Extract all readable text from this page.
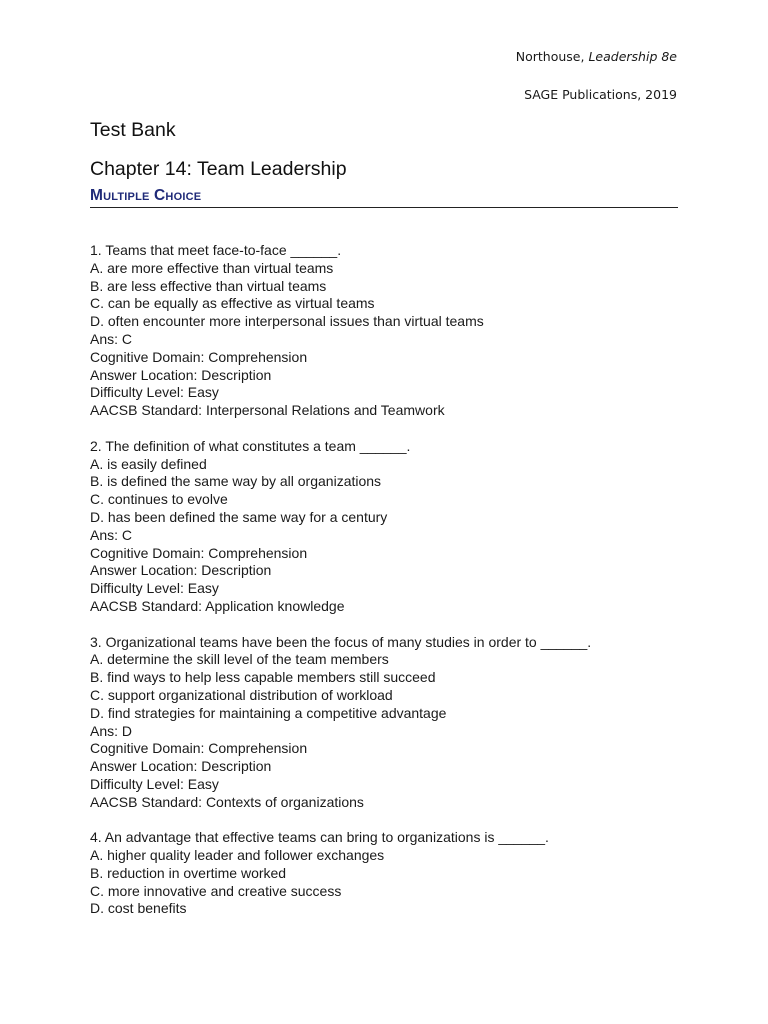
Northouse, Leadership 8e
SAGE Publications, 2019
Test Bank
Chapter 14: Team Leadership
Multiple Choice
1. Teams that meet face-to-face ______.
A. are more effective than virtual teams
B. are less effective than virtual teams
C. can be equally as effective as virtual teams
D. often encounter more interpersonal issues than virtual teams
Ans: C
Cognitive Domain: Comprehension
Answer Location: Description
Difficulty Level: Easy
AACSB Standard: Interpersonal Relations and Teamwork
2. The definition of what constitutes a team ______.
A. is easily defined
B. is defined the same way by all organizations
C. continues to evolve
D. has been defined the same way for a century
Ans: C
Cognitive Domain: Comprehension
Answer Location: Description
Difficulty Level: Easy
AACSB Standard: Application knowledge
3. Organizational teams have been the focus of many studies in order to ______.
A. determine the skill level of the team members
B. find ways to help less capable members still succeed
C. support organizational distribution of workload
D. find strategies for maintaining a competitive advantage
Ans: D
Cognitive Domain: Comprehension
Answer Location: Description
Difficulty Level: Easy
AACSB Standard: Contexts of organizations
4. An advantage that effective teams can bring to organizations is ______.
A. higher quality leader and follower exchanges
B. reduction in overtime worked
C. more innovative and creative success
D. cost benefits
